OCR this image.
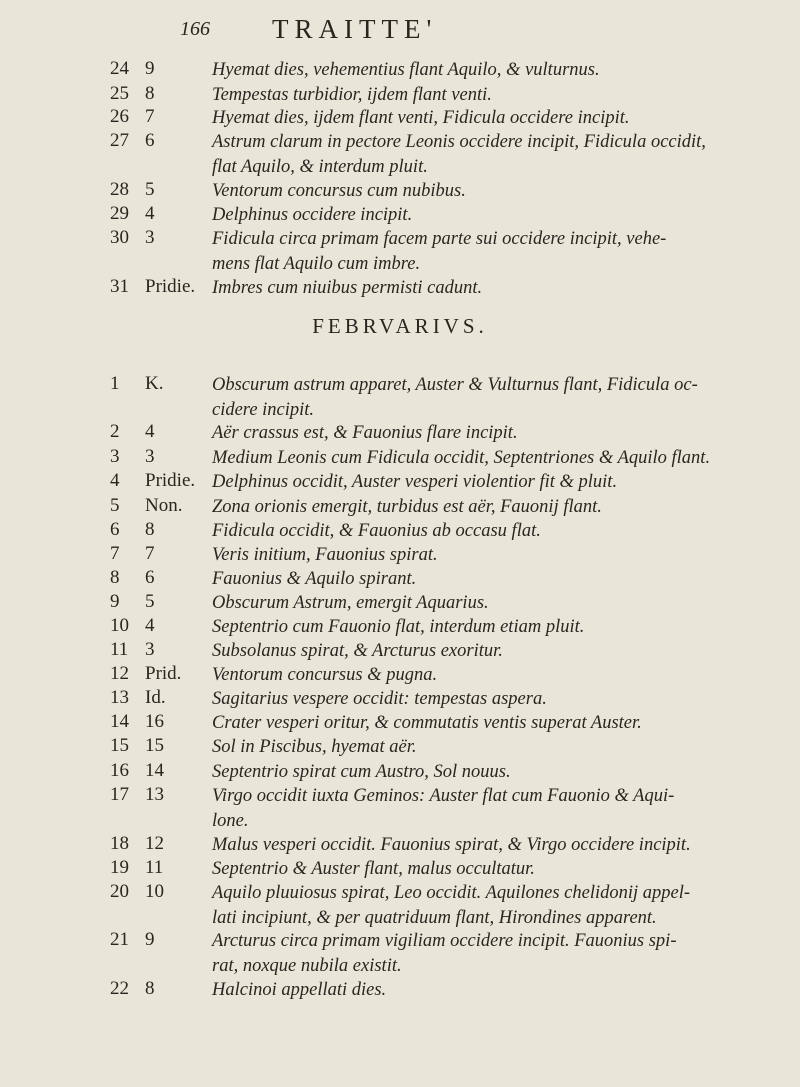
166 TRAITTE'
24 9	Hyemat dies, vehementius flant Aquilo, & vulturnus.
25 8	Tempestas turbidior, ijdem flant venti.
26 7	Hyemat dies, ijdem flant venti, Fidicula occidere incipit.
27 6	Astrum clarum in pectore Leonis occidere incipit, Fidicula occidit,
flat Aquilo, & interdum pluit.
28 5	Ventorum concursus cum nubibus.
29 4	Delphinus occidere incipit.
30 3	Fidicula circa primam facem parte sui occidere incipit, vehe-
mens flat Aquilo cum imbre.
31 Pridie. Imbres cum niuibus permisti cadunt.
FEBRVARIVS.
1	K.	Obscurum astrum apparet, Auster & Vulturnus flant, Fidicula oc-
cidere incipit.
2	4	Aër crassus est, & Fauonius flare incipit.
3	3	Medium Leonis cum Fidicula occidit, Septentriones & Aquilo flant.
4	Pridie. Delphinus occidit, Auster vesperi violentior fit & pluit.
5	Non.	Zona orionis emergit, turbidus est aër, Fauonij flant.
6	8	Fidicula occidit, & Fauonius ab occasu flat.
7	7	Veris initium, Fauonius spirat.
8	6	Fauonius & Aquilo spirant.
9	5	Obscurum Astrum, emergit Aquarius.
10 4	Septentrio cum Fauonio flat, interdum etiam pluit.
11 3	Subsolanus spirat, & Arcturus exoritur.
12 Prid.	Ventorum concursus & pugna.
13 Id.	Sagitarius vespere occidit: tempestas aspera.
14 16	Crater vesperi oritur, & commutatis ventis superat Auster.
15 15	Sol in Piscibus, hyemat aër.
16 14	Septentrio spirat cum Austro, Sol nouus.
17 13	Virgo occidit iuxta Geminos: Auster flat cum Fauonio & Aqui-
lone.
18 12	Malus vesperi occidit. Fauonius spirat, & Virgo occidere incipit.
19 11	Septentrio & Auster flant, malus occultatur.
20 10	Aquilo pluuiosus spirat, Leo occidit. Aquilones chelidonij appel-
lati incipiunt, & per quatriduum flant, Hirondines apparent.
21 9	Arcturus circa primam vigiliam occidere incipit. Fauonius spi-
rat, noxque nubila existit.
22 8	Halcinoi appellati dies.
